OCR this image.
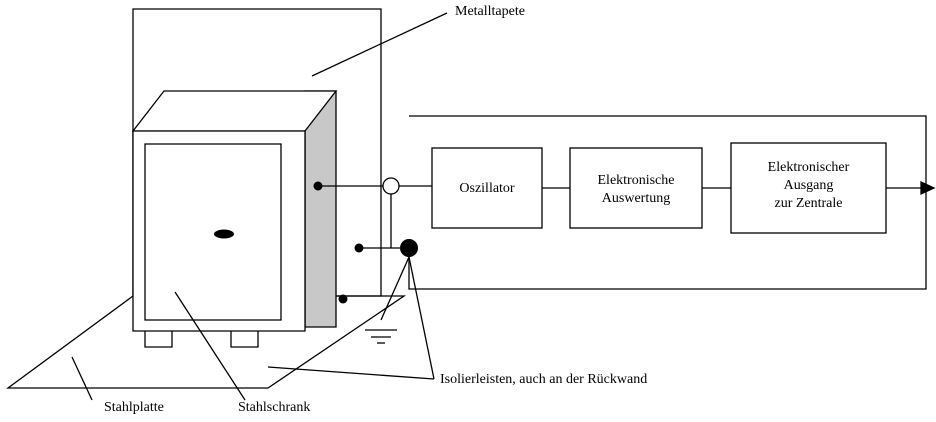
Oszillator
Elektronische
Auswertung
Elektronischer
Ausgang
zur Zentrale
Metalltapete
Stahlplatte	Stahlschrank
Isolierleisten, auch an der Rückwand
